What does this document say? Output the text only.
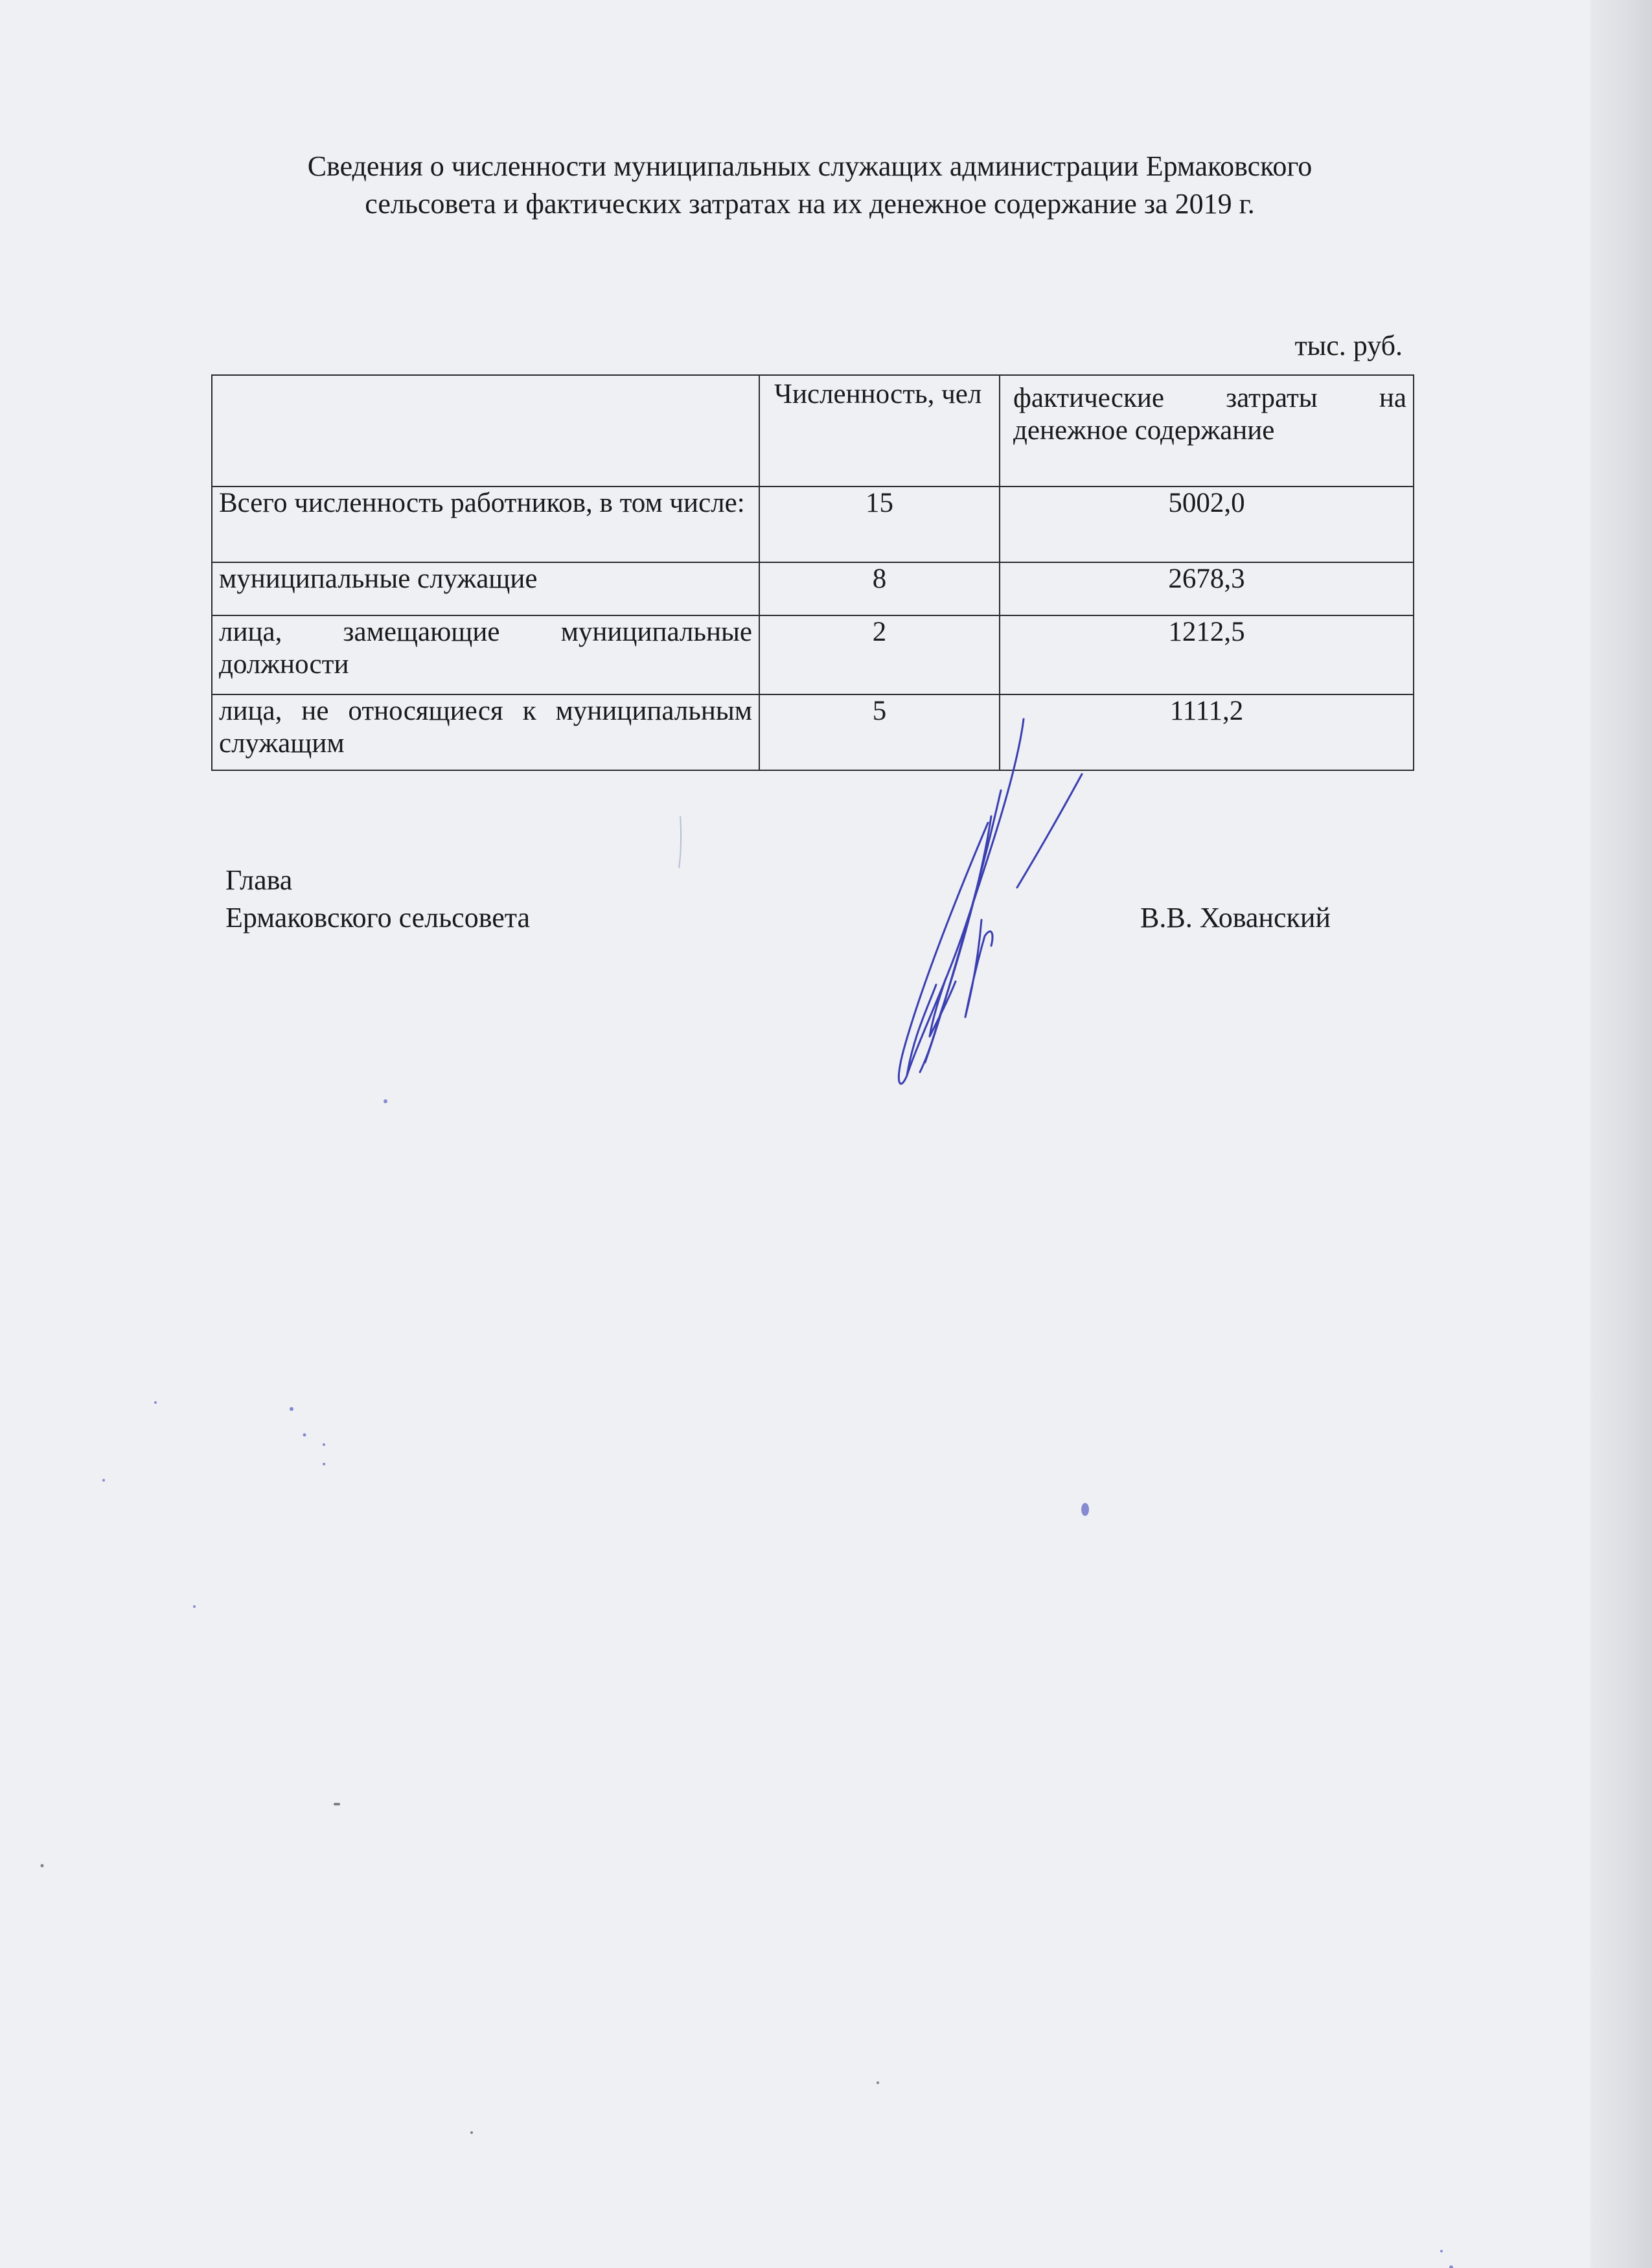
Сведения о численности муниципальных служащих администрации Ермаковского
сельсовета и фактических затратах на их денежное содержание за 2019 г.
тыс. руб.
	Численность, чел	фактические затраты на денежное содержание
Всего численность работников, в том числе:	15	5002,0
муниципальные служащие	8	2678,3
лица, замещающие муниципальные должности	2	1212,5
лица, не относящиеся к муниципальным служащим	5	1111,2
Глава
Ермаковского сельсовета	В.В. Хованский
